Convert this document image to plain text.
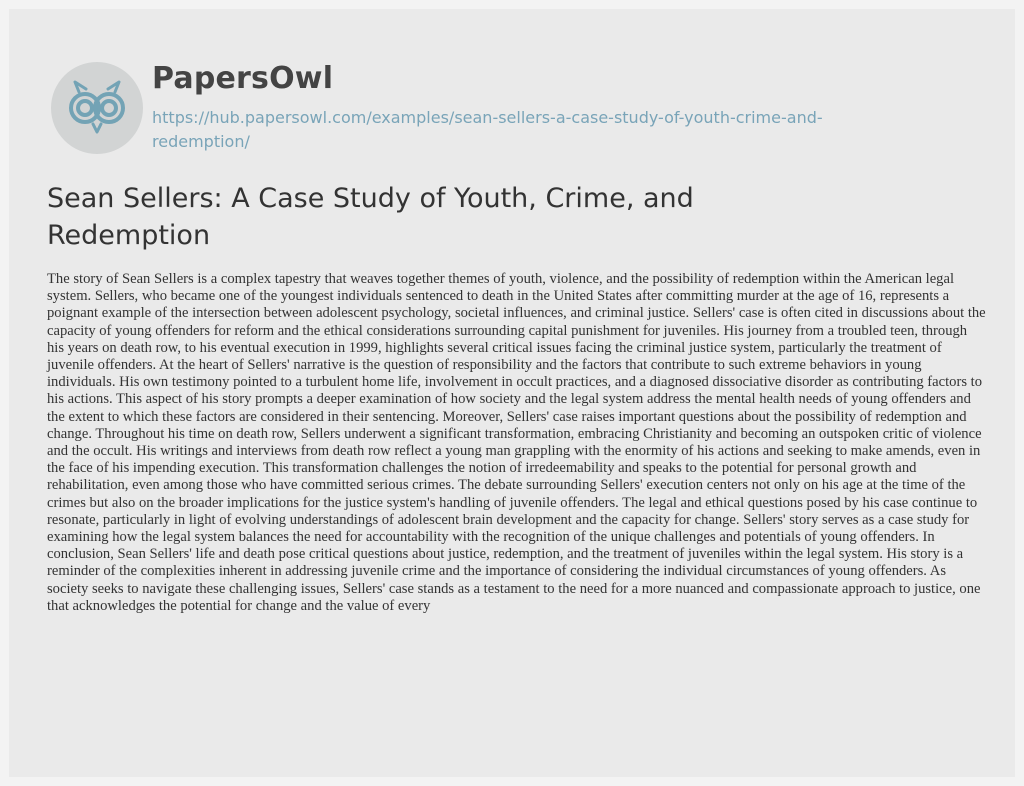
PapersOwl
https://hub.papersowl.com/examples/sean-sellers-a-case-study-of-youth-crime-and-redemption/
Sean Sellers: A Case Study of Youth, Crime, and Redemption

The story of Sean Sellers is a complex tapestry that weaves together themes of youth, violence, and the possibility of redemption within the American legal system. Sellers, who became one of the youngest individuals sentenced to death in the United States after committing murder at the age of 16, represents a poignant example of the intersection between adolescent psychology, societal influences, and criminal justice. Sellers' case is often cited in discussions about the capacity of young offenders for reform and the ethical considerations surrounding capital punishment for juveniles. His journey from a troubled teen, through his years on death row, to his eventual execution in 1999, highlights several critical issues facing the criminal justice system, particularly the treatment of juvenile offenders. At the heart of Sellers' narrative is the question of responsibility and the factors that contribute to such extreme behaviors in young individuals. His own testimony pointed to a turbulent home life, involvement in occult practices, and a diagnosed dissociative disorder as contributing factors to his actions. This aspect of his story prompts a deeper examination of how society and the legal system address the mental health needs of young offenders and the extent to which these factors are considered in their sentencing. Moreover, Sellers' case raises important questions about the possibility of redemption and change. Throughout his time on death row, Sellers underwent a significant transformation, embracing Christianity and becoming an outspoken critic of violence and the occult. His writings and interviews from death row reflect a young man grappling with the enormity of his actions and seeking to make amends, even in the face of his impending execution. This transformation challenges the notion of irredeemability and speaks to the potential for personal growth and rehabilitation, even among those who have committed serious crimes. The debate surrounding Sellers' execution centers not only on his age at the time of the crimes but also on the broader implications for the justice system's handling of juvenile offenders. The legal and ethical questions posed by his case continue to resonate, particularly in light of evolving understandings of adolescent brain development and the capacity for change. Sellers' story serves as a case study for examining how the legal system balances the need for accountability with the recognition of the unique challenges and potentials of young offenders. In conclusion, Sean Sellers' life and death pose critical questions about justice, redemption, and the treatment of juveniles within the legal system. His story is a reminder of the complexities inherent in addressing juvenile crime and the importance of considering the individual circumstances of young offenders. As society seeks to navigate these challenging issues, Sellers' case stands as a testament to the need for a more nuanced and compassionate approach to justice, one that acknowledges the potential for change and the value of every
